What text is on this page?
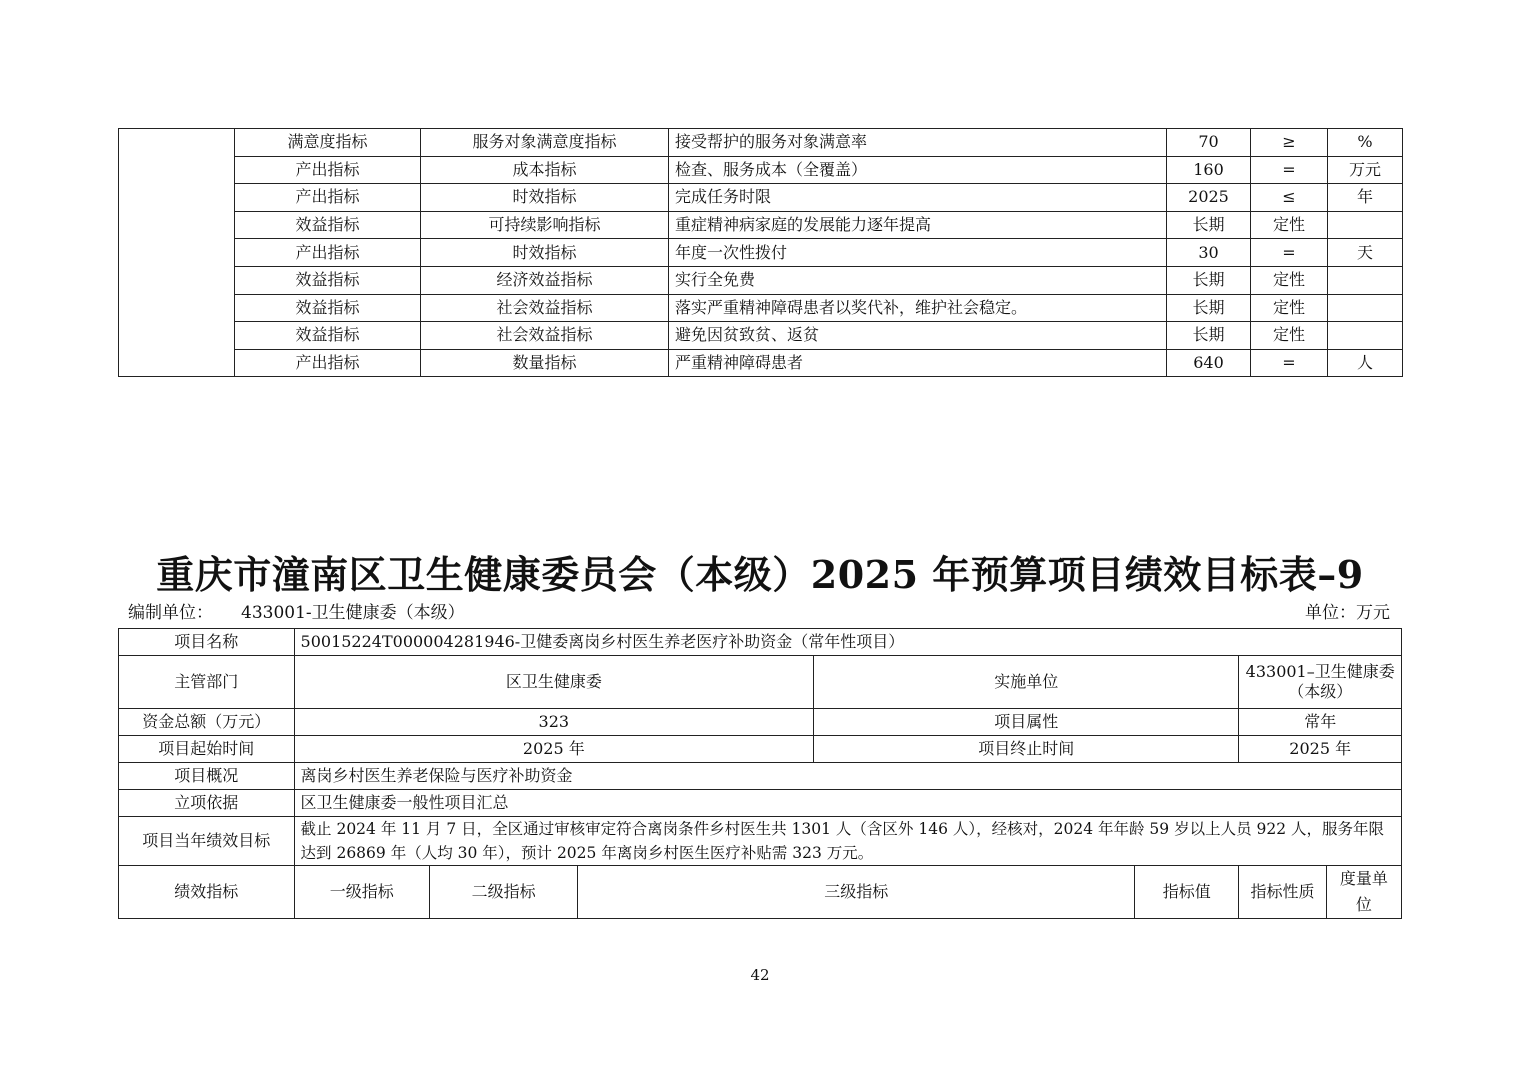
	满意度指标	服务对象满意度指标	接受帮护的服务对象满意率	70	≥	%
	产出指标	成本指标	检查、服务成本（全覆盖）	160	=	万元
	产出指标	时效指标	完成任务时限	2025	≤	年
	效益指标	可持续影响指标	重症精神病家庭的发展能力逐年提高	长期	定性	
	产出指标	时效指标	年度一次性拨付	30	=	天
	效益指标	经济效益指标	实行全免费	长期	定性	
	效益指标	社会效益指标	落实严重精神障碍患者以奖代补，维护社会稳定。	长期	定性	
	效益指标	社会效益指标	避免因贫致贫、返贫	长期	定性	
	产出指标	数量指标	严重精神障碍患者	640	=	人
重庆市潼南区卫生健康委员会（本级）2025 年预算项目绩效目标表–9
编制单位： 433001-卫生健康委（本级）	单位：万元
项目名称	50015224T000004281946-卫健委离岗乡村医生养老医疗补助资金（常年性项目）						
主管部门	区卫生健康委			实施单位		433001–卫生健康委（本级）	
资金总额（万元）	323			项目属性		常年	
项目起始时间	2025 年			项目终止时间		2025 年	
项目概况	离岗乡村医生养老保险与医疗补助资金						
立项依据	区卫生健康委一般性项目汇总						
项目当年绩效目标	截止 2024 年 11 月 7 日，全区通过审核审定符合离岗条件乡村医生共 1301 人（含区外 146 人），经核对，2024 年年龄 59 岁以上人员 922 人，服务年限达到 26869 年（人均 30 年），预计 2025 年离岗乡村医生医疗补贴需 323 万元。						
绩效指标	一级指标	二级指标	三级指标		指标值	指标性质	度量单位
42
